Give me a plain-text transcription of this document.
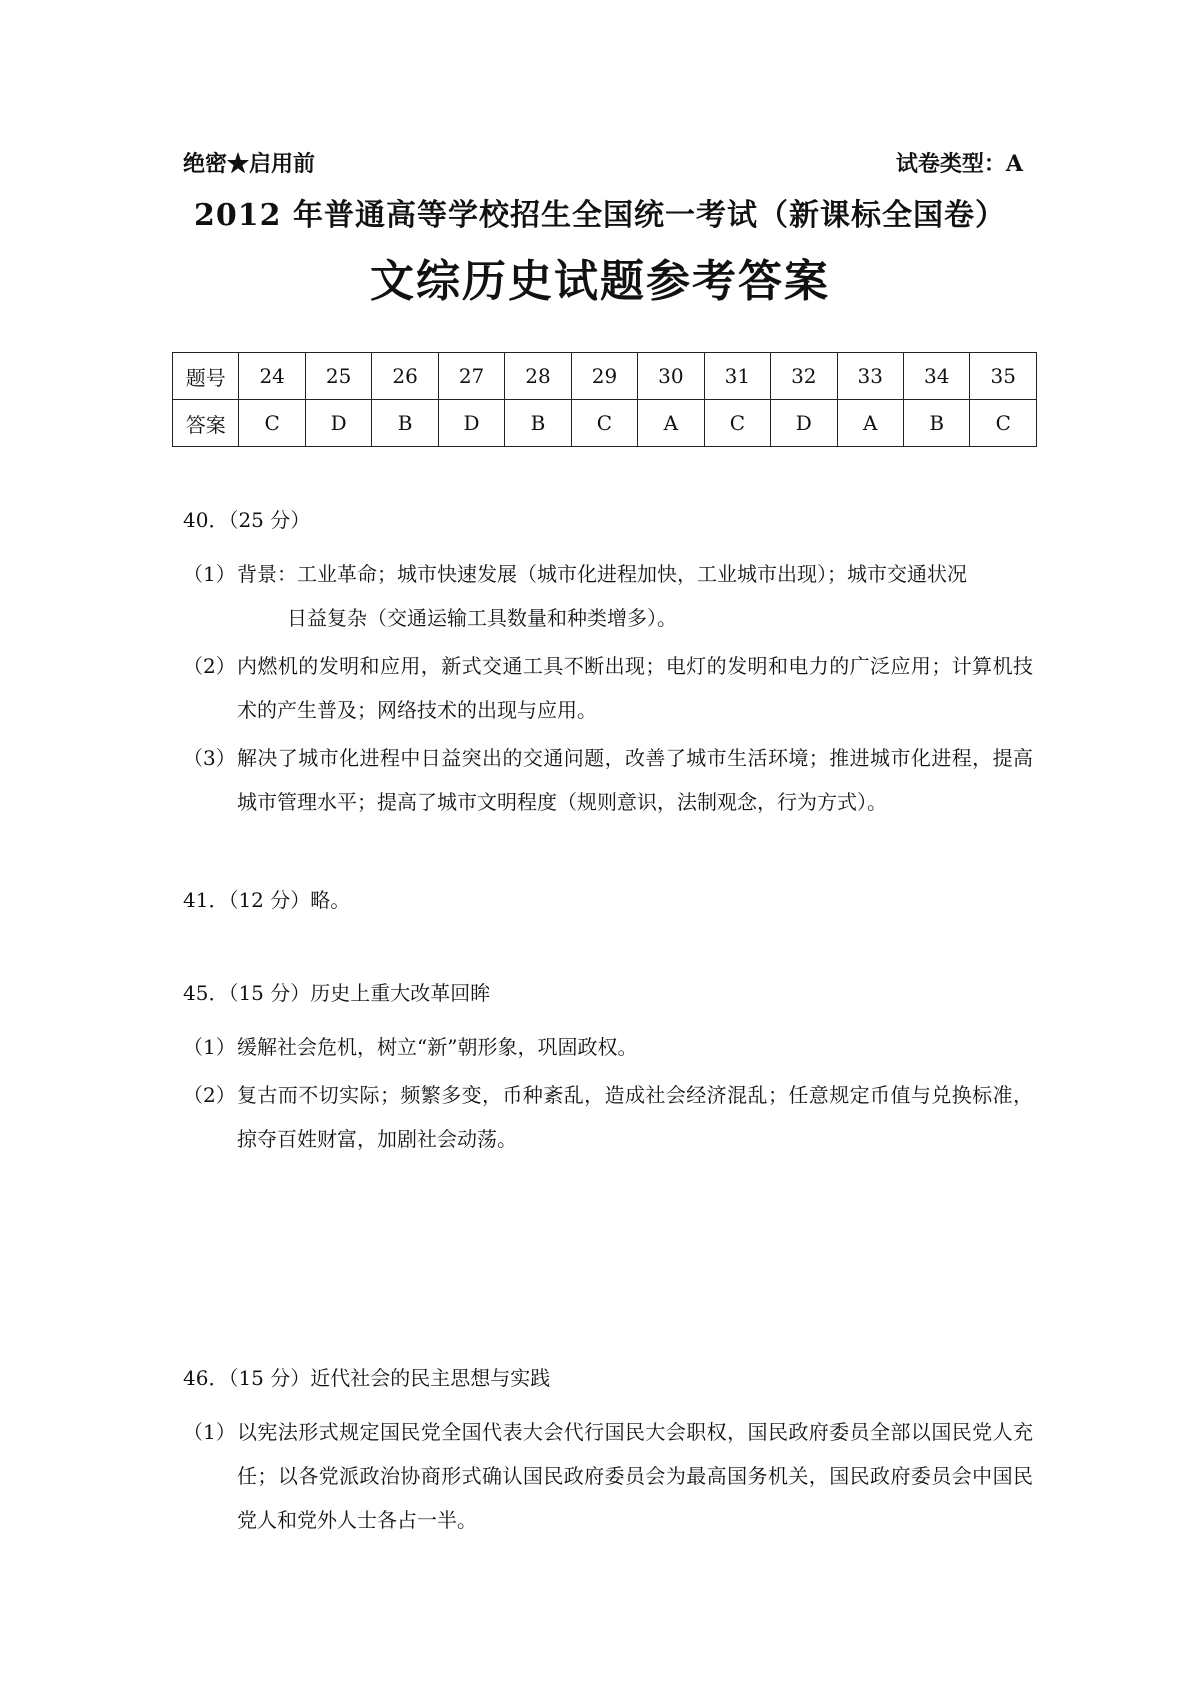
绝密★启用前	试卷类型：A
2012 年普通高等学校招生全国统一考试（新课标全国卷）
文综历史试题参考答案
题号	24	25	26	27	28	29	30	31	32	33	34	35
答案	C	D	B	D	B	C	A	C	D	A	B	C
40．（25 分）
（1） 背景：工业革命；城市快速发展（城市化进程加快，工业城市出现）；城市交通状况
日益复杂（交通运输工具数量和种类增多）。
（2） 内燃机的发明和应用，新式交通工具不断出现；电灯的发明和电力的广泛应用；计算机技术的产生普及；网络技术的出现与应用。
（3） 解决了城市化进程中日益突出的交通问题，改善了城市生活环境；推进城市化进程，提高城市管理水平；提高了城市文明程度（规则意识，法制观念，行为方式）。
41．（12 分）略。
45．（15 分）历史上重大改革回眸
（1） 缓解社会危机，树立“新”朝形象，巩固政权。
（2） 复古而不切实际；频繁多变，币种紊乱，造成社会经济混乱；任意规定币值与兑换标准，掠夺百姓财富，加剧社会动荡。
46．（15 分）近代社会的民主思想与实践
（1） 以宪法形式规定国民党全国代表大会代行国民大会职权，国民政府委员全部以国民党人充任；以各党派政治协商形式确认国民政府委员会为最高国务机关，国民政府委员会中国民党人和党外人士各占一半。
